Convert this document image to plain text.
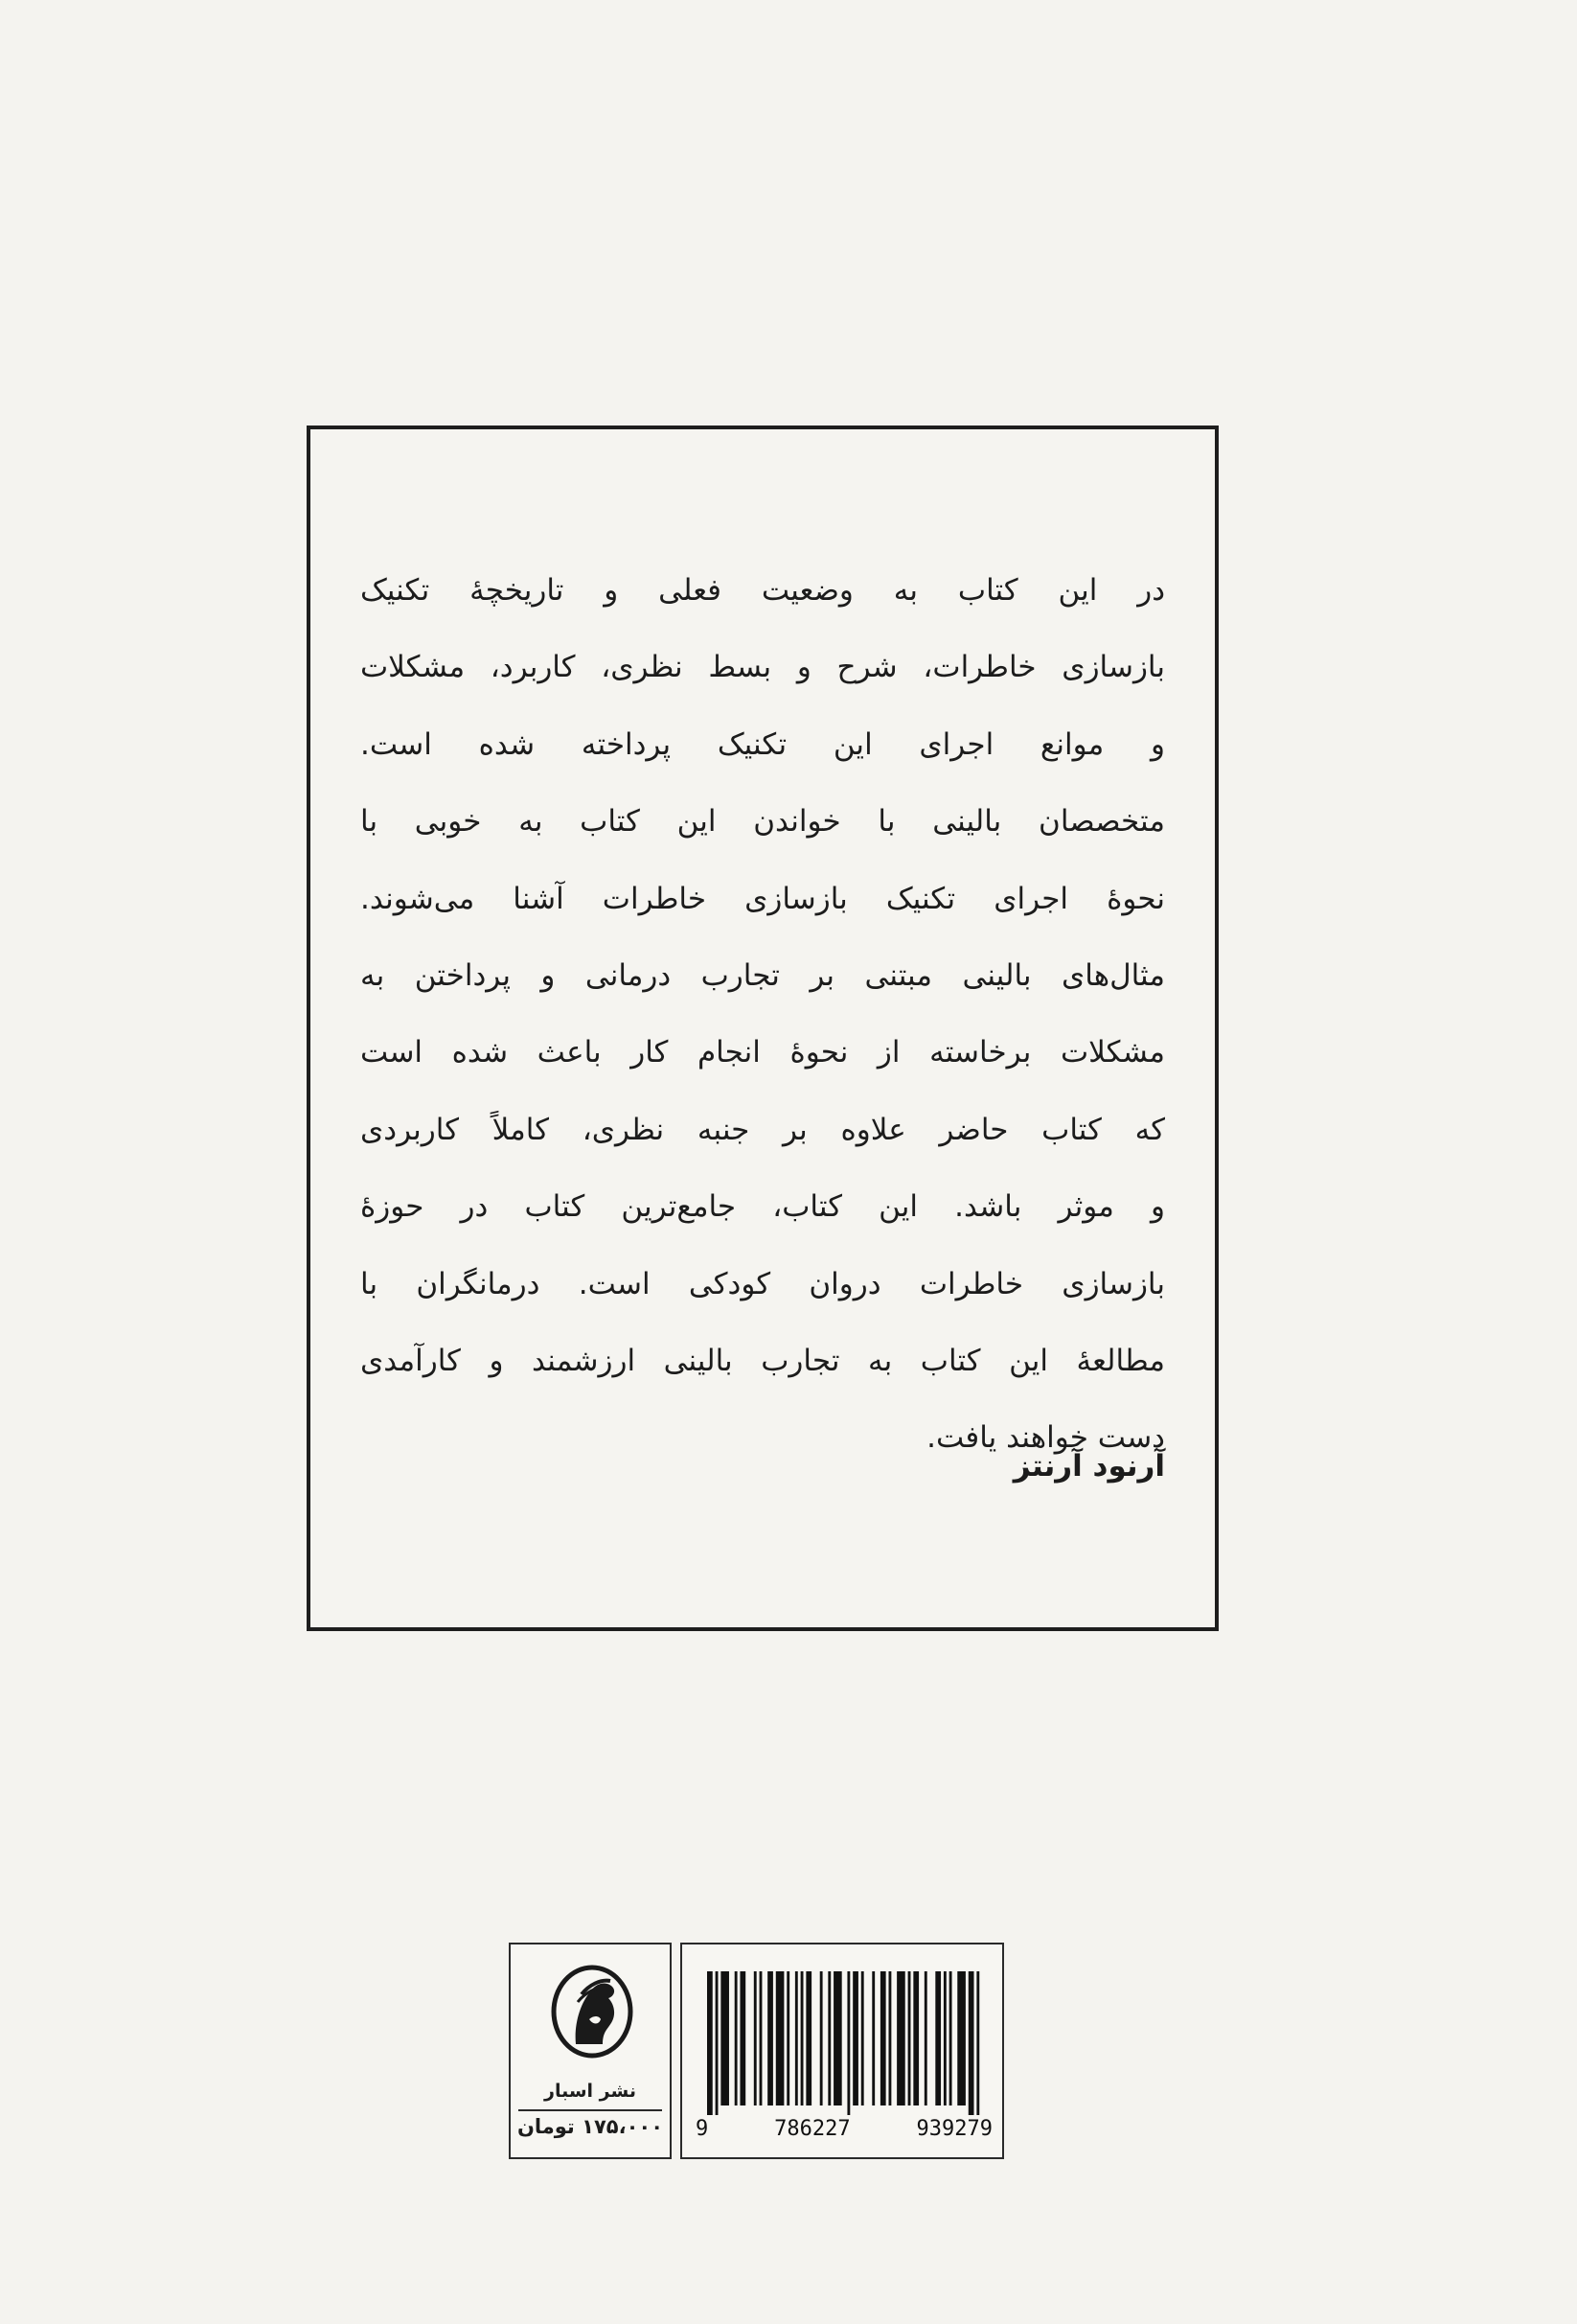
در این کتاب به وضعیت فعلی و تاریخچهٔ تکنیک
بازسازی خاطرات، شرح و بسط نظری، کاربرد، مشکلات
و موانع اجرای این تکنیک پرداخته شده است.
متخصصان بالینی با خواندن این کتاب به خوبی با
نحوهٔ اجرای تکنیک بازسازی خاطرات آشنا می‌شوند.
مثال‌های بالینی مبتنی بر تجارب درمانی و پرداختن به
مشکلات برخاسته از نحوهٔ انجام کار باعث شده است
که کتاب حاضر علاوه بر جنبه نظری، کاملاً کاربردی
و موثر باشد. این کتاب، جامع‌ترین کتاب در حوزهٔ
بازسازی خاطرات دروان کودکی است. درمانگران با
مطالعهٔ این کتاب به تجارب بالینی ارزشمند و کارآمدی
دست خواهند یافت.
آرنود آرنتز
نشر اسبار
۱۷۵،۰۰۰ تومان	9	786227	939279
